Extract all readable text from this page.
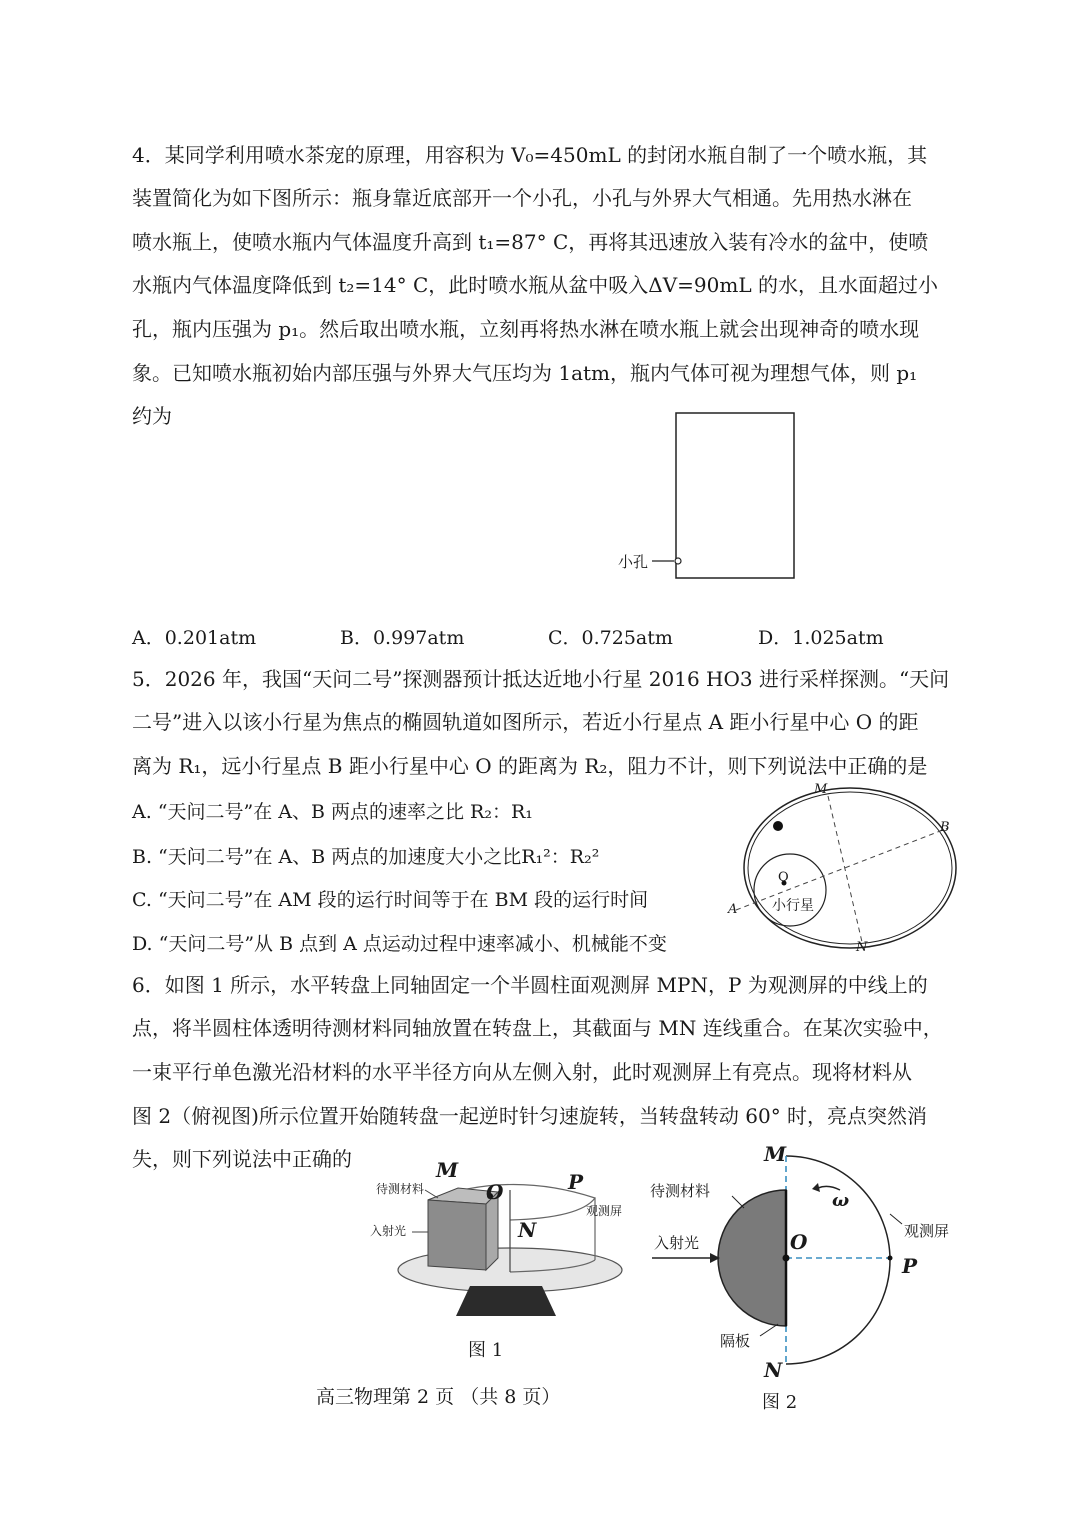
4．某同学利用喷水茶宠的原理，用容积为 V₀=450mL 的封闭水瓶自制了一个喷水瓶，其
装置简化为如下图所示：瓶身靠近底部开一个小孔，小孔与外界大气相通。先用热水淋在
喷水瓶上，使喷水瓶内气体温度升高到 t₁=87° C，再将其迅速放入装有冷水的盆中，使喷
水瓶内气体温度降低到 t₂=14° C，此时喷水瓶从盆中吸入ΔV=90mL 的水，且水面超过小
孔，瓶内压强为 p₁。然后取出喷水瓶，立刻再将热水淋在喷水瓶上就会出现神奇的喷水现
象。已知喷水瓶初始内部压强与外界大气压均为 1atm，瓶内气体可视为理想气体，则 p₁
约为
小孔
A．0.201atm	B．0.997atm	C．0.725atm	D．1.025atm
5．2026 年，我国“天问二号”探测器预计抵达近地小行星 2016 HO3 进行采样探测。“天问
二号”进入以该小行星为焦点的椭圆轨道如图所示，若近小行星点 A 距小行星中心 O 的距
离为 R₁，远小行星点 B 距小行星中心 O 的距离为 R₂，阻力不计，则下列说法中正确的是
A. “天问二号”在 A、B 两点的速率之比 R₂：R₁
B. “天问二号”在 A、B 两点的加速度大小之比R₁²：R₂²
C. “天问二号”在 AM 段的运行时间等于在 BM 段的运行时间
D. “天问二号”从 B 点到 A 点运动过程中速率减小、机械能不变
M
B
A
N
O
小行星
6．如图 1 所示，水平转盘上同轴固定一个半圆柱面观测屏 MPN，P 为观测屏的中线上的
点，将半圆柱体透明待测材料同轴放置在转盘上，其截面与 MN 连线重合。在某次实验中，
一束平行单色激光沿材料的水平半径方向从左侧入射，此时观测屏上有亮点。现将材料从
图 2（俯视图)所示位置开始随转盘一起逆时针匀速旋转，当转盘转动 60° 时，亮点突然消
失，则下列说法中正确的	M
O	P
N
待测材料
观测屏
入射光
图 1
M
O
P
N
ω
待测材料
观测屏
入射光
隔板
图 2
高三物理第 2 页 （共 8 页）
